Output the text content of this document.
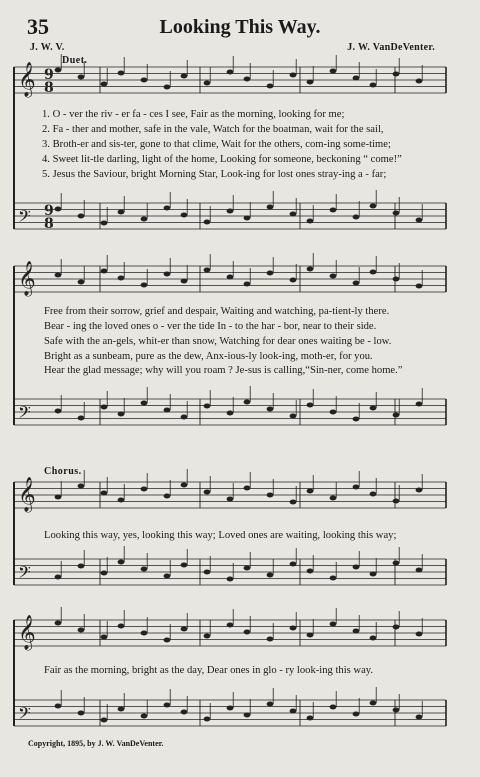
𝄞
𝄢
𝄞
𝄢
𝄞
𝄢
𝄞
𝄢
9
8
9
8
35	Looking This Way.
J. W. V.	J. W. VanDeVenter.
Duet.
1. O - ver the riv - er fa - ces I see, Fair as the morning, looking for me;
2. Fa - ther and mother, safe in the vale, Watch for the boatman, wait for the sail,
3. Broth-er and sis-ter, gone to that clime, Wait for the others, com-ing some-time;
4. Sweet lit-tle darling, light of the home, Looking for someone, beckoning “ come!”
5. Jesus the Saviour, bright Morning Star, Look-ing for lost ones stray-ing a - far;
Free from their sorrow, grief and despair, Waiting and watching, pa-tient-ly there.
Bear - ing the loved ones o - ver the tide In - to the har - bor, near to their side.
Safe with the an-gels, whit-er than snow, Watching for dear ones waiting be - low.
Bright as a sunbeam, pure as the dew, Anx-ious-ly look-ing, moth-er, for you.
Hear the glad message; why will you roam ? Je-sus is calling,“Sin-ner, come home.”
Chorus.
Looking this way, yes, looking this way; Loved ones are waiting, looking this way;
Fair as the morning, bright as the day, Dear ones in glo - ry look-ing this way.
Copyright, 1895, by J. W. VanDeVenter.
